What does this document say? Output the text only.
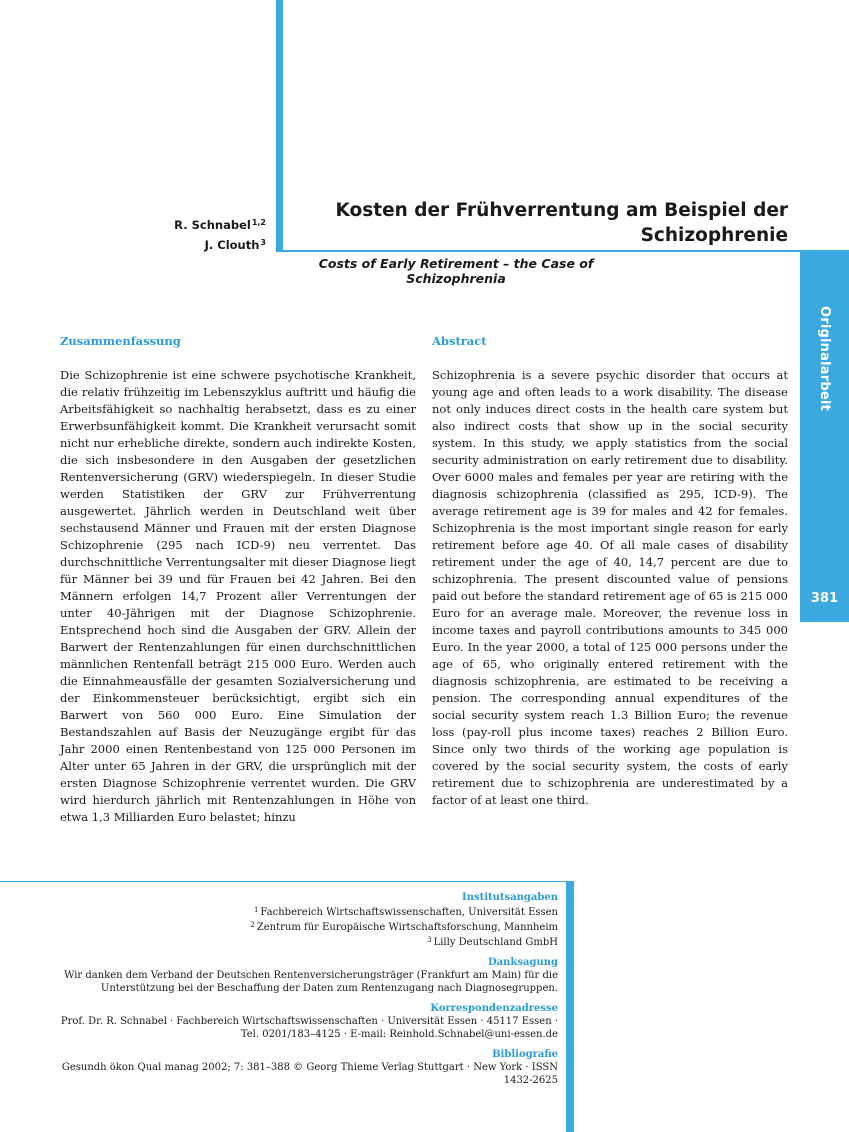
Originalarbeit
381
R. Schnabel$^{1,2}$
J. Clouth$^3$
Kosten der Frühverrentung am Beispiel der
Schizophrenie
Costs of Early Retirement – the Case of Schizophrenia
Zusammenfassung

Die Schizophrenie ist eine schwere psychotische Krankheit, die relativ frühzeitig im Lebenszyklus auftritt und häufig die Arbeitsfähigkeit so nachhaltig herabsetzt, dass es zu einer Erwerbsunfähigkeit kommt. Die Krankheit verursacht somit nicht nur erhebliche direkte, sondern auch indirekte Kosten, die sich insbesondere in den Ausgaben der gesetzlichen Rentenversicherung (GRV) wiederspiegeln. In dieser Studie werden Statistiken der GRV zur Frühverrentung ausgewertet. Jährlich werden in Deutschland weit über sechstausend Männer und Frauen mit der ersten Diagnose Schizophrenie (295 nach ICD-9) neu verrentet. Das durchschnittliche Verrentungsalter mit dieser Diagnose liegt für Männer bei 39 und für Frauen bei 42 Jahren. Bei den Männern erfolgen 14,7 Prozent aller Verrentungen der unter 40-Jährigen mit der Diagnose Schizophrenie. Entsprechend hoch sind die Ausgaben der GRV. Allein der Barwert der Rentenzahlungen für einen durchschnittlichen männlichen Rentenfall beträgt 215 000 Euro. Werden auch die Einnahmeausfälle der gesamten Sozialversicherung und der Einkommensteuer berücksichtigt, ergibt sich ein Barwert von 560 000 Euro. Eine Simulation der Bestandszahlen auf Basis der Neuzugänge ergibt für das Jahr 2000 einen Rentenbestand von 125 000 Personen im Alter unter 65 Jahren in der GRV, die ursprünglich mit der ersten Diagnose Schizophrenie verrentet wurden. Die GRV wird hierdurch jährlich mit Rentenzahlungen in Höhe von etwa 1,3 Milliarden Euro belastet; hinzu

Abstract

Schizophrenia is a severe psychic disorder that occurs at young age and often leads to a work disability. The disease not only induces direct costs in the health care system but also indirect costs that show up in the social security system. In this study, we apply statistics from the social security administration on early retirement due to disability. Over 6000 males and females per year are retiring with the diagnosis schizophrenia (classified as 295, ICD-9). The average retirement age is 39 for males and 42 for females. Schizophrenia is the most important single reason for early retirement before age 40. Of all male cases of disability retirement under the age of 40, 14,7 percent are due to schizophrenia. The present discounted value of pensions paid out before the standard retirement age of 65 is 215 000 Euro for an average male. Moreover, the revenue loss in income taxes and payroll contributions amounts to 345 000 Euro. In the year 2000, a total of 125 000 persons under the age of 65, who originally entered retirement with the diagnosis schizophrenia, are estimated to be receiving a pension. The corresponding annual expenditures of the social security system reach 1.3 Billion Euro; the revenue loss (pay-roll plus income taxes) reaches 2 Billion Euro. Since only two thirds of the working age population is covered by the social security system, the costs of early retirement due to schizophrenia are underestimated by a factor of at least one third.

Institutsangaben
$^1$ Fachbereich Wirtschaftswissenschaften, Universität Essen
$^2$ Zentrum für Europäische Wirtschaftsforschung, Mannheim
$^3$ Lilly Deutschland GmbH
Danksagung
Wir danken dem Verband der Deutschen Rentenversicherungsträger (Frankfurt am Main) für die
Unterstützung bei der Beschaffung der Daten zum Rentenzugang nach Diagnosegruppen.
Korrespondenzadresse
Prof. Dr. R. Schnabel · Fachbereich Wirtschaftswissenschaften · Universität Essen · 45117 Essen ·
Tel. 0201/183–4125 · E-mail: Reinhold.Schnabel@uni-essen.de
Bibliografie
Gesundh ökon Qual manag 2002; 7: 381–388 © Georg Thieme Verlag Stuttgart · New York · ISSN 1432-2625
